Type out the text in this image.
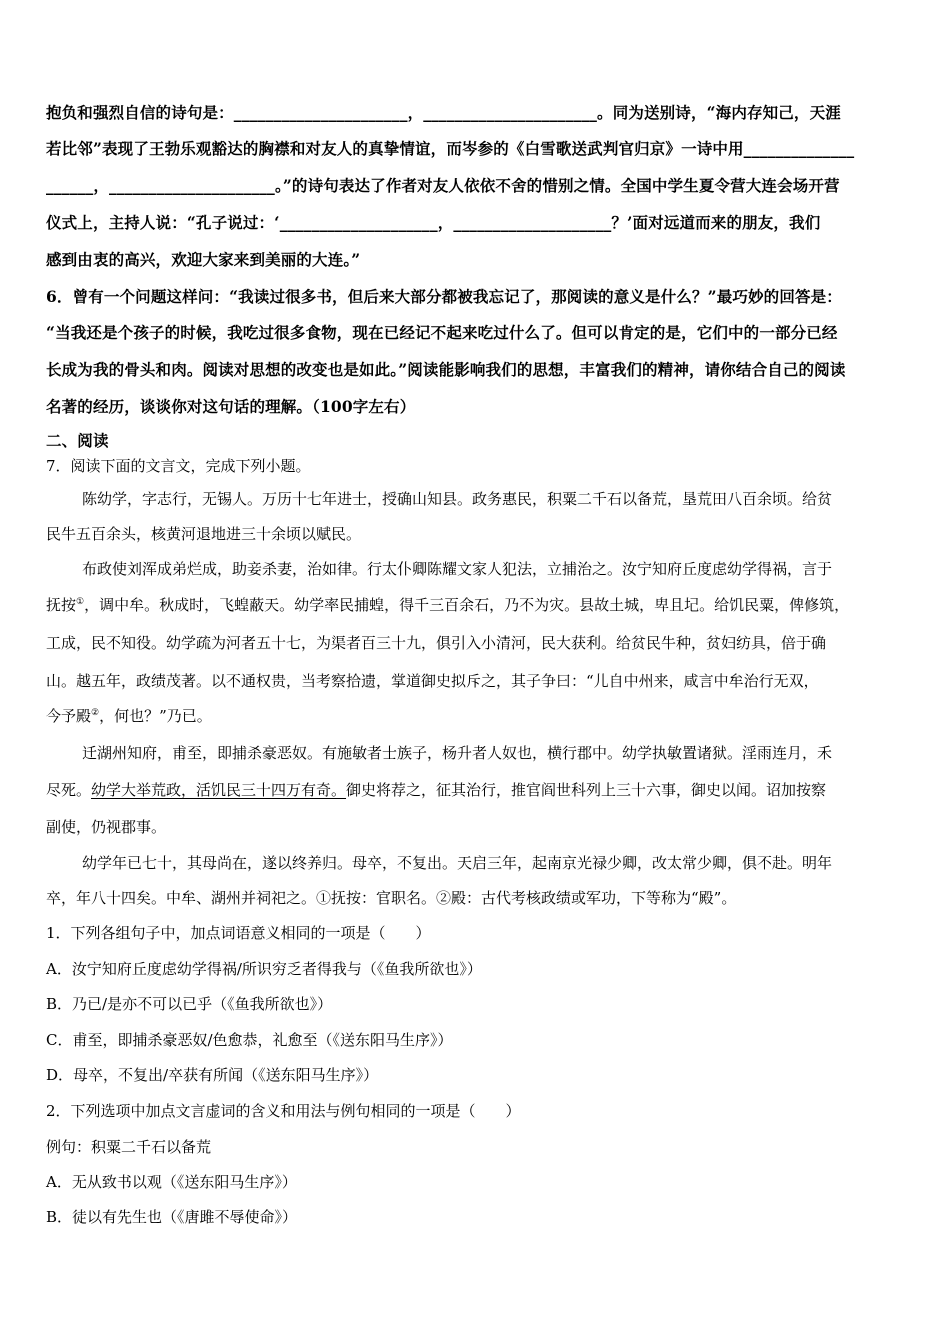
抱负和强烈自信的诗句是：______________________，______________________。同为送别诗，“海内存知己，天涯
若比邻”表现了王勃乐观豁达的胸襟和对友人的真挚情谊，而岑参的《白雪歌送武判官归京》一诗中用______________
______，_____________________。”的诗句表达了作者对友人依依不舍的惜别之情。全国中学生夏令营大连会场开营
仪式上，主持人说：“孔子说过：‘____________________，____________________？’面对远道而来的朋友，我们
感到由衷的高兴，欢迎大家来到美丽的大连。”
6．曾有一个问题这样问：“我读过很多书，但后来大部分都被我忘记了，那阅读的意义是什么？”最巧妙的回答是：
“当我还是个孩子的时候，我吃过很多食物，现在已经记不起来吃过什么了。但可以肯定的是，它们中的一部分已经
长成为我的骨头和肉。阅读对思想的改变也是如此。”阅读能影响我们的思想，丰富我们的精神，请你结合自己的阅读
名著的经历，谈谈你对这句话的理解。（100字左右）
二、阅读
7．阅读下面的文言文，完成下列小题。
陈幼学，字志行，无锡人。万历十七年进士，授确山知县。政务惠民，积粟二千石以备荒，垦荒田八百余顷。给贫
民牛五百余头，核黄河退地进三十余顷以赋民。
布政使刘浑成弟烂成，助妾杀妻，治如律。行太仆卿陈耀文家人犯法，立捕治之。汝宁知府丘度虑幼学得祸，言于
抚按①，调中牟。秋成时，飞蝗蔽天。幼学率民捕蝗，得千三百余石，乃不为灾。县故土城，卑且圮。给饥民粟，俾修筑，
工成，民不知役。幼学疏为河者五十七，为渠者百三十九，俱引入小清河，民大获利。给贫民牛种，贫妇纺具，倍于确
山。越五年，政绩茂著。以不通权贵，当考察拾遗，掌道御史拟斥之，其子争曰：“儿自中州来，咸言中牟治行无双，
今予殿②，何也？”乃已。
迁湖州知府，甫至，即捕杀豪恶奴。有施敏者士族子，杨升者人奴也，横行郡中。幼学执敏置诸狱。淫雨连月，禾
尽死。幼学大举荒政，活饥民三十四万有奇。御史将荐之，征其治行，推官阎世科列上三十六事，御史以闻。诏加按察
副使，仍视郡事。
幼学年已七十，其母尚在，遂以终养归。母卒，不复出。天启三年，起南京光禄少卿，改太常少卿，俱不赴。明年
卒，年八十四矣。中牟、湖州并祠祀之。①抚按：官职名。②殿：古代考核政绩或军功，下等称为“殿”。
1．下列各组句子中，加点词语意义相同的一项是（　　）
A．汝宁知府丘度虑幼学得祸/所识穷乏者得我与（《鱼我所欲也》）
B．乃已/是亦不可以已乎（《鱼我所欲也》）
C．甫至，即捕杀豪恶奴/色愈恭，礼愈至（《送东阳马生序》）
D．母卒，不复出/卒获有所闻（《送东阳马生序》）
2．下列选项中加点文言虚词的含义和用法与例句相同的一项是（　　）
例句：积粟二千石以备荒
A．无从致书以观（《送东阳马生序》）
B．徒以有先生也（《唐雎不辱使命》）
